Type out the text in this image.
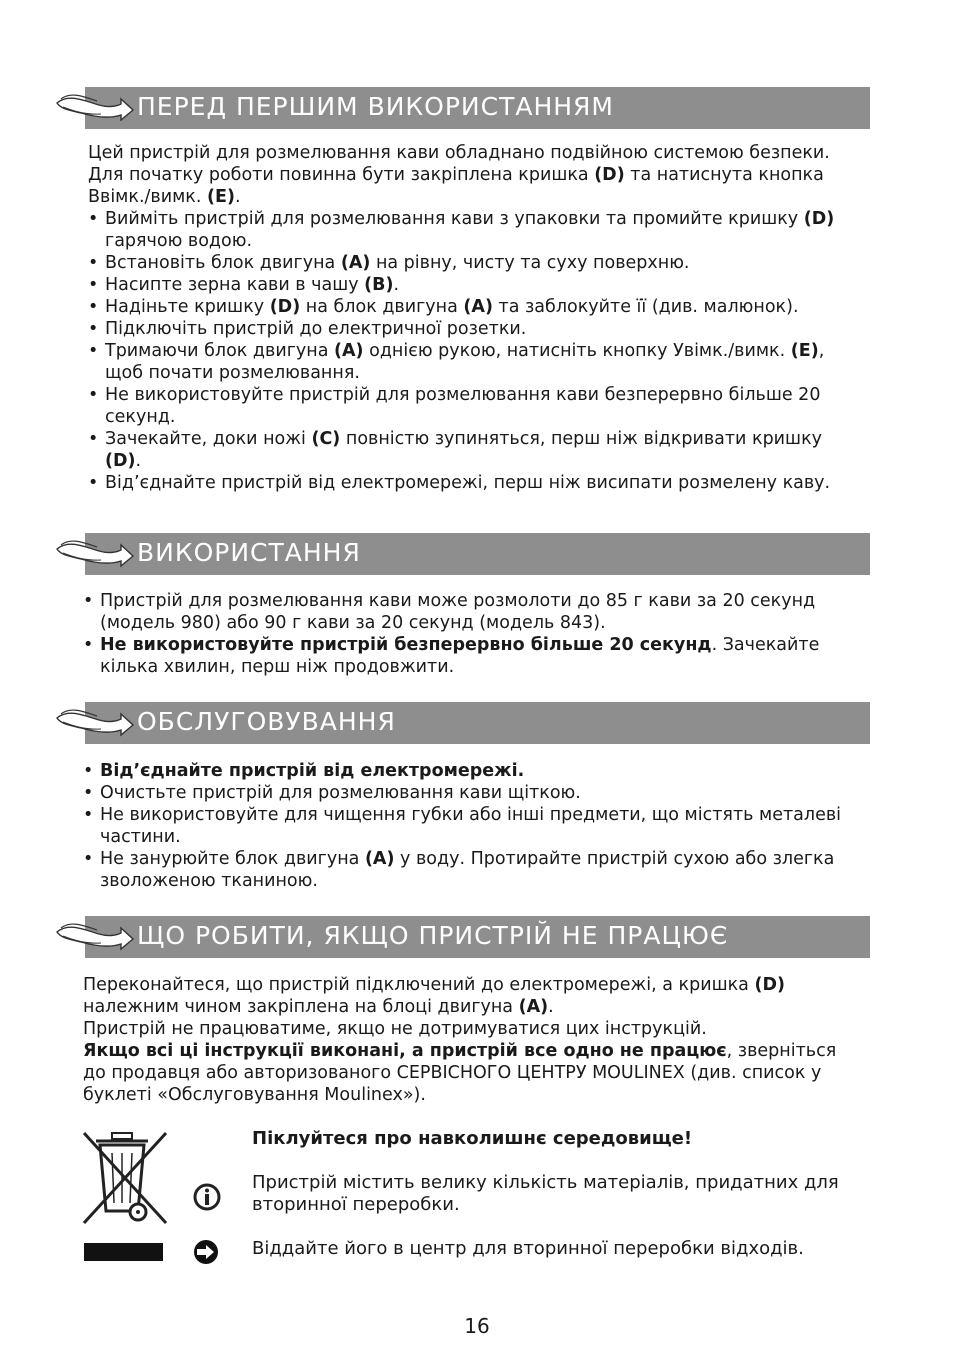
ПЕРЕД ПЕРШИМ ВИКОРИСТАННЯМ

Цей пристрій для розмелювання кави обладнано подвійною системою безпеки. Для початку роботи повинна бути закріплена кришка (D) та натиснута кнопка Ввімк./вимк. (E).

• Вийміть пристрій для розмелювання кави з упаковки та промийте кришку (D) гарячою водою.
• Встановіть блок двигуна (A) на рівну, чисту та суху поверхню.
• Насипте зерна кави в чашу (B).
• Надіньте кришку (D) на блок двигуна (A) та заблокуйте її (див. малюнок).
• Підключіть пристрій до електричної розетки.
• Тримаючи блок двигуна (A) однією рукою, натисніть кнопку Увімк./вимк. (E), щоб почати розмелювання.
• Не використовуйте пристрій для розмелювання кави безперервно більше 20 секунд.
• Зачекайте, доки ножі (C) повністю зупиняться, перш ніж відкривати кришку (D).
• Від’єднайте пристрій від електромережі, перш ніж висипати розмелену каву.
ВИКОРИСТАННЯ
• Пристрій для розмелювання кави може розмолоти до 85 г кави за 20 секунд (модель 980) або 90 г кави за 20 секунд (модель 843).
• Не використовуйте пристрій безперервно більше 20 секунд. Зачекайте кілька хвилин, перш ніж продовжити.
ОБСЛУГОВУВАННЯ
• Від’єднайте пристрій від електромережі.
• Очистьте пристрій для розмелювання кави щіткою.
• Не використовуйте для чищення губки або інші предмети, що містять металеві частини.
• Не занурюйте блок двигуна (A) у воду. Протирайте пристрій сухою або злегка зволоженою тканиною.
ЩО РОБИТИ, ЯКЩО ПРИСТРІЙ НЕ ПРАЦЮЄ

Переконайтеся, що пристрій підключений до електромережі, а кришка (D) належним чином закріплена на блоці двигуна (A).

Пристрій не працюватиме, якщо не дотримуватися цих інструкцій.

Якщо всі ці інструкції виконані, а пристрій все одно не працює, зверніться до продавця або авторизованого СЕРВІСНОГО ЦЕНТРУ MOULINEX (див. список у буклеті «Обслуговування Moulinex»).

Піклуйтеся про навколишнє середовище!
Пристрій містить велику кількість матеріалів, придатних для вторинної переробки.
Віддайте його в центр для вторинної переробки відходів.
16
